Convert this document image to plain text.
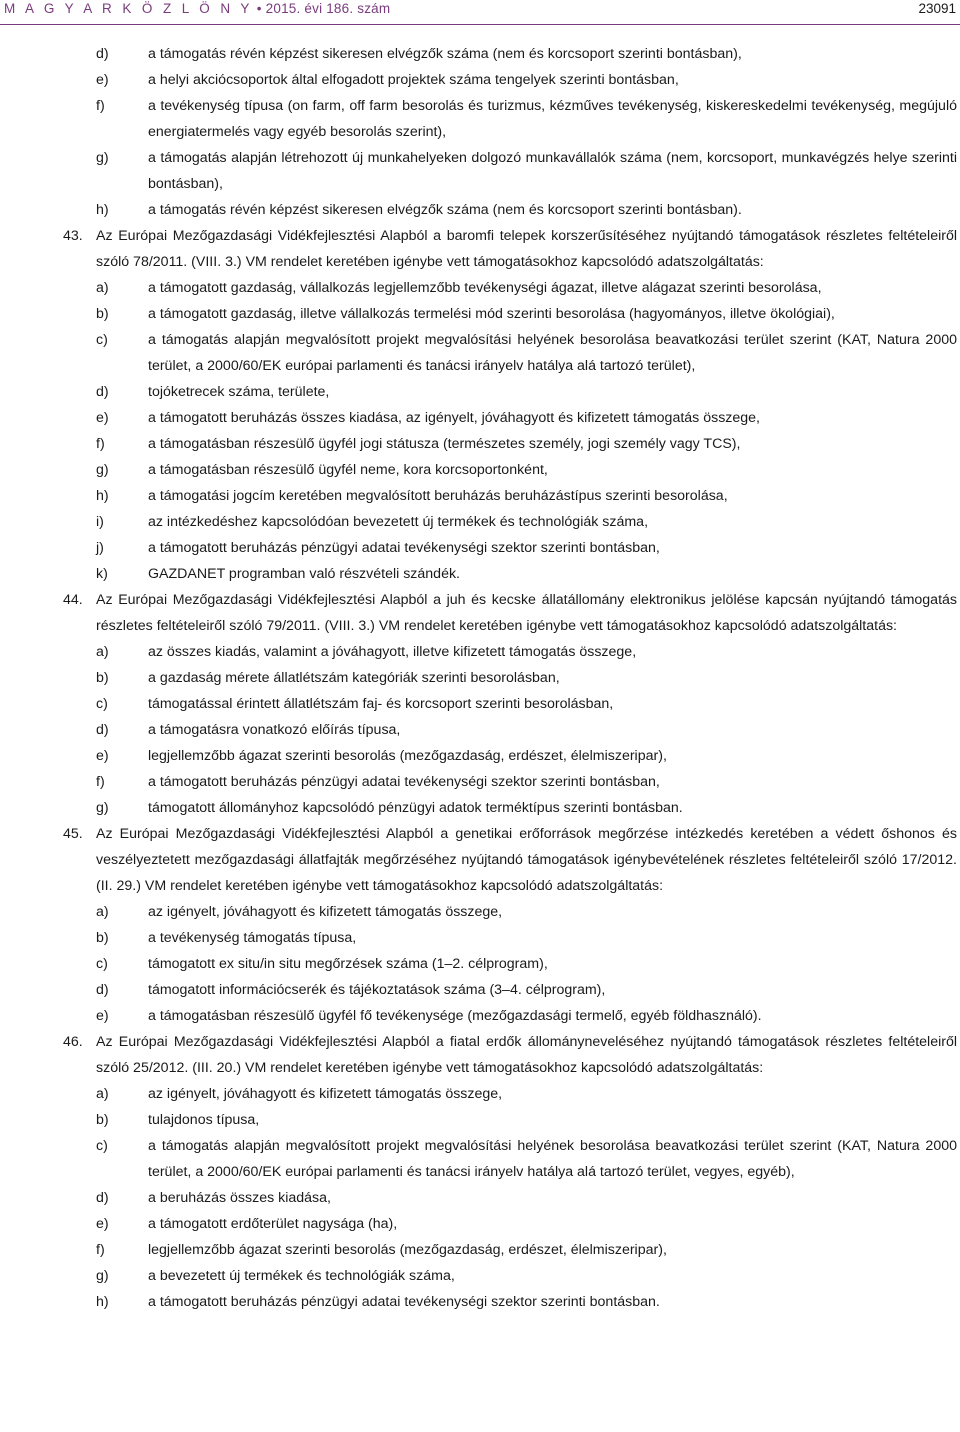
M A G Y A R K Ö Z L Ö N Y • 2015. évi 186. szám	23091
d)	a támogatás révén képzést sikeresen elvégzők száma (nem és korcsoport szerinti bontásban),
e)	a helyi akciócsoportok által elfogadott projektek száma tengelyek szerinti bontásban,
f)	a tevékenység típusa (on farm, off farm besorolás és turizmus, kézműves tevékenység, kiskereskedelmi tevékenység, megújuló energiatermelés vagy egyéb besorolás szerint),
g)	a támogatás alapján létrehozott új munkahelyeken dolgozó munkavállalók száma (nem, korcsoport, munkavégzés helye szerinti bontásban),
h)	a támogatás révén képzést sikeresen elvégzők száma (nem és korcsoport szerinti bontásban).
43. Az Európai Mezőgazdasági Vidékfejlesztési Alapból a baromfi telepek korszerűsítéséhez nyújtandó támogatások részletes feltételeiről szóló 78/2011. (VIII. 3.) VM rendelet keretében igénybe vett támogatásokhoz kapcsolódó adatszolgáltatás:
a)	a támogatott gazdaság, vállalkozás legjellemzőbb tevékenységi ágazat, illetve alágazat szerinti besorolása,
b)	a támogatott gazdaság, illetve vállalkozás termelési mód szerinti besorolása (hagyományos, illetve ökológiai),
c)	a támogatás alapján megvalósított projekt megvalósítási helyének besorolása beavatkozási terület szerint (KAT, Natura 2000 terület, a 2000/60/EK európai parlamenti és tanácsi irányelv hatálya alá tartozó terület),
d)	tojóketrecek száma, területe,
e)	a támogatott beruházás összes kiadása, az igényelt, jóváhagyott és kifizetett támogatás összege,
f)	a támogatásban részesülő ügyfél jogi státusza (természetes személy, jogi személy vagy TCS),
g)	a támogatásban részesülő ügyfél neme, kora korcsoportonként,
h)	a támogatási jogcím keretében megvalósított beruházás beruházástípus szerinti besorolása,
i)	az intézkedéshez kapcsolódóan bevezetett új termékek és technológiák száma,
j)	a támogatott beruházás pénzügyi adatai tevékenységi szektor szerinti bontásban,
k)	GAZDANET programban való részvételi szándék.
44. Az Európai Mezőgazdasági Vidékfejlesztési Alapból a juh és kecske állatállomány elektronikus jelölése kapcsán nyújtandó támogatás részletes feltételeiről szóló 79/2011. (VIII. 3.) VM rendelet keretében igénybe vett támogatásokhoz kapcsolódó adatszolgáltatás:
a)	az összes kiadás, valamint a jóváhagyott, illetve kifizetett támogatás összege,
b)	a gazdaság mérete állatlétszám kategóriák szerinti besorolásban,
c)	támogatással érintett állatlétszám faj- és korcsoport szerinti besorolásban,
d)	a támogatásra vonatkozó előírás típusa,
e)	legjellemzőbb ágazat szerinti besorolás (mezőgazdaság, erdészet, élelmiszeripar),
f)	a támogatott beruházás pénzügyi adatai tevékenységi szektor szerinti bontásban,
g)	támogatott állományhoz kapcsolódó pénzügyi adatok terméktípus szerinti bontásban.
45. Az Európai Mezőgazdasági Vidékfejlesztési Alapból a genetikai erőforrások megőrzése intézkedés keretében a védett őshonos és veszélyeztetett mezőgazdasági állatfajták megőrzéséhez nyújtandó támogatások igénybevételének részletes feltételeiről szóló 17/2012. (II. 29.) VM rendelet keretében igénybe vett támogatásokhoz kapcsolódó adatszolgáltatás:
a)	az igényelt, jóváhagyott és kifizetett támogatás összege,
b)	a tevékenység támogatás típusa,
c)	támogatott ex situ/in situ megőrzések száma (1–2. célprogram),
d)	támogatott információcserék és tájékoztatások száma (3–4. célprogram),
e)	a támogatásban részesülő ügyfél fő tevékenysége (mezőgazdasági termelő, egyéb földhasználó).
46. Az Európai Mezőgazdasági Vidékfejlesztési Alapból a fiatal erdők állományneveléséhez nyújtandó támogatások részletes feltételeiről szóló 25/2012. (III. 20.) VM rendelet keretében igénybe vett támogatásokhoz kapcsolódó adatszolgáltatás:
a)	az igényelt, jóváhagyott és kifizetett támogatás összege,
b)	tulajdonos típusa,
c)	a támogatás alapján megvalósított projekt megvalósítási helyének besorolása beavatkozási terület szerint (KAT, Natura 2000 terület, a 2000/60/EK európai parlamenti és tanácsi irányelv hatálya alá tartozó terület, vegyes, egyéb),
d)	a beruházás összes kiadása,
e)	a támogatott erdőterület nagysága (ha),
f)	legjellemzőbb ágazat szerinti besorolás (mezőgazdaság, erdészet, élelmiszeripar),
g)	a bevezetett új termékek és technológiák száma,
h)	a támogatott beruházás pénzügyi adatai tevékenységi szektor szerinti bontásban.
